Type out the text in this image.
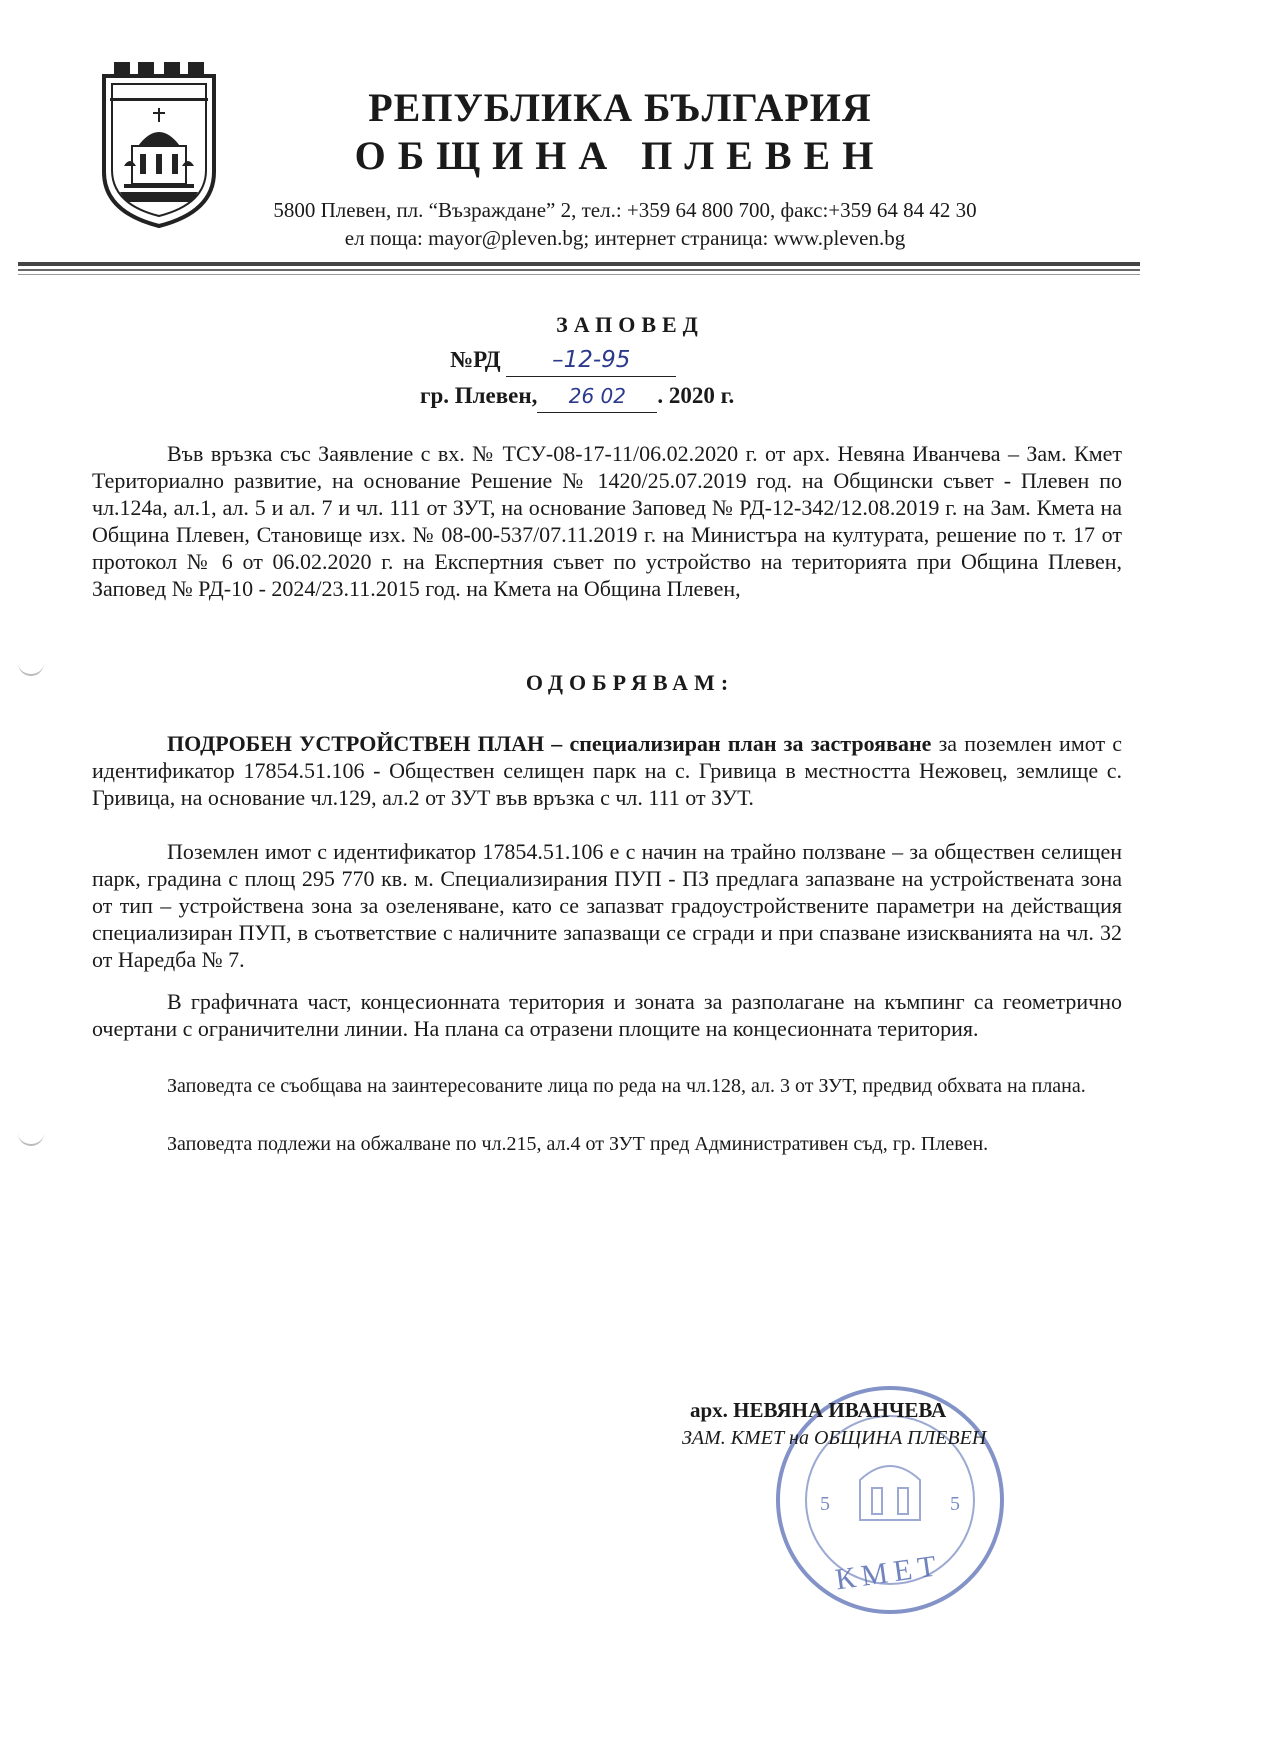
РЕПУБЛИКА БЪЛГАРИЯ
ОБЩИНА ПЛЕВЕН
5800 Плевен, пл. “Възраждане” 2, тел.: +359 64 800 700, факс:+359 64 84 42 30
ел поща: mayor@pleven.bg; интернет страница: www.pleven.bg
ЗАПОВЕД
№РД –12-95
гр. Плевен, 26 02 . 2020 г.
Във връзка със Заявление с вх. № ТСУ-08-17-11/06.02.2020 г. от арх. Невяна Иванчева – Зам. Кмет Териториално развитие, на основание Решение № 1420/25.07.2019 год. на Общински съвет - Плевен по чл.124а, ал.1, ал. 5 и ал. 7 и чл. 111 от ЗУТ, на основание Заповед № РД-12-342/12.08.2019 г. на Зам. Кмета на Община Плевен, Становище изх. № 08-00-537/07.11.2019 г. на Министъра на културата, решение по т. 17 от протокол № 6 от 06.02.2020 г. на Експертния съвет по устройство на територията при Община Плевен, Заповед № РД-10 - 2024/23.11.2015 год. на Кмета на Община Плевен,
ОДОБРЯВАМ:
ПОДРОБЕН УСТРОЙСТВЕН ПЛАН – специализиран план за застрояване за поземлен имот с идентификатор 17854.51.106 - Обществен селищен парк на с. Гривица в местността Нежовец, землище с. Гривица, на основание чл.129, ал.2 от ЗУТ във връзка с чл. 111 от ЗУТ.
Поземлен имот с идентификатор 17854.51.106 е с начин на трайно ползване – за обществен селищен парк, градина с площ 295 770 кв. м. Специализирания ПУП - ПЗ предлага запазване на устройствената зона от тип – устройствена зона за озеленяване, като се запазват градоустройствените параметри на действащия специализиран ПУП, в съответствие с наличните запазващи се сгради и при спазване изискванията на чл. 32 от Наредба № 7.
В графичната част, концесионната територия и зоната за разполагане на къмпинг са геометрично очертани с ограничителни линии. На плана са отразени площите на концесионната територия.
Заповедта се съобщава на заинтересованите лица по реда на чл.128, ал. 3 от ЗУТ, предвид обхвата на плана.
Заповедта подлежи на обжалване по чл.215, ал.4 от ЗУТ пред Административен съд, гр. Плевен.
5	5
КМЕТ
арх. НЕВЯНА ИВАНЧЕВА
ЗАМ. КМЕТ на ОБЩИНА ПЛЕВЕН
